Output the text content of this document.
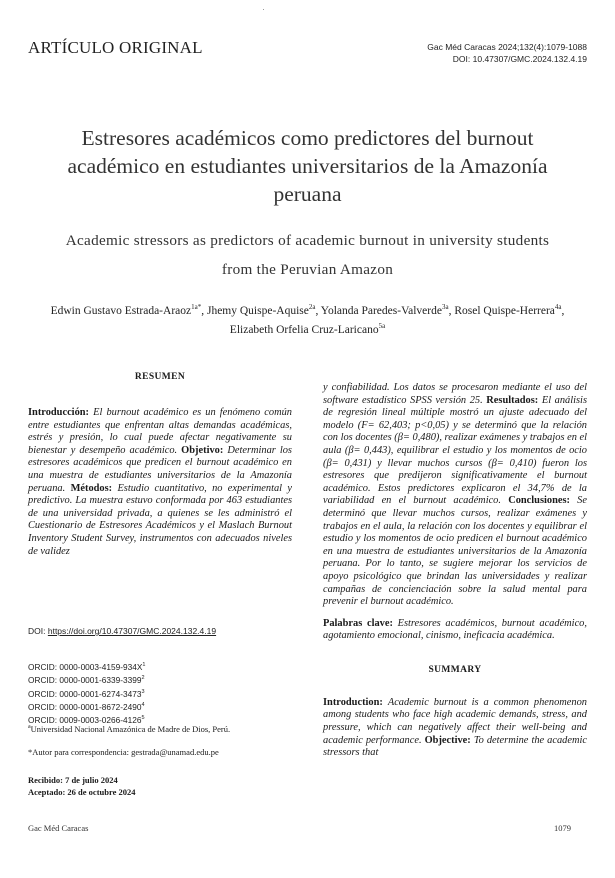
ARTÍCULO ORIGINAL	Gac Méd Caracas 2024;132(4):1079-1088
DOI: 10.47307/GMC.2024.132.4.19
Estresores académicos como predictores del burnout
académico en estudiantes universitarios de la Amazonía
peruana
Academic stressors as predictors of academic burnout in university students
from the Peruvian Amazon
Edwin Gustavo Estrada-Araoz$^{1a*}$, Jhemy Quispe-Aquise$^{2a}$, Yolanda Paredes-Valverde$^{3a}$, Rosel Quispe-Herrera$^{4a}$, Elizabeth Orfelia Cruz-Laricano$^{5a}$
RESUMEN

Introducción: El burnout académico es un fenómeno común entre estudiantes que enfrentan altas demandas académicas, estrés y presión, lo cual puede afectar negativamente su bienestar y desempeño académico. Objetivo: Determinar los estresores académicos que predicen el burnout académico en una muestra de estudiantes universitarios de la Amazonía peruana. Métodos: Estudio cuantitativo, no experimental y predictivo. La muestra estuvo conformada por 463 estudiantes de una universidad privada, a quienes se les administró el Cuestionario de Estresores Académicos y el Maslach Burnout Inventory Student Survey, instrumentos con adecuados niveles de validez

DOI: https://doi.org/10.47307/GMC.2024.132.4.19
ORCID: $0000-0003-4159-934X^1$
ORCID: 0000-0001-6339-3399$^2$
ORCID: 0000-0001-6274-3473$^3$
ORCID: 0000-0001-8672-2490$^4$
ORCID: 0009-0003-0266-4126$^5$
$^a$Universidad Nacional Amazónica de Madre de Dios, Perú.
*Autor para correspondencia: gestrada@unamad.edu.pe
Recibido: 7 de julio 2024
Aceptado: 26 de octubre 2024

y confiabilidad. Los datos se procesaron mediante el uso del software estadístico SPSS versión 25. Resultados: El análisis de regresión lineal múltiple mostró un ajuste adecuado del modelo (F= 62,403; p<0,05) y se determinó que la relación con los docentes (β= 0,480), realizar exámenes y trabajos en el aula (β= 0,443), equilibrar el estudio y los momentos de ocio (β= 0,431) y llevar muchos cursos (β= 0,410) fueron los estresores que predijeron significativamente el burnout académico. Estos predictores explicaron el 34,7% de la variabilidad en el burnout académico. Conclusiones: Se determinó que llevar muchos cursos, realizar exámenes y trabajos en el aula, la relación con los docentes y equilibrar el estudio y los momentos de ocio predicen el burnout académico en una muestra de estudiantes universitarios de la Amazonía peruana. Por lo tanto, se sugiere mejorar los servicios de apoyo psicológico que brindan las universidades y realizar campañas de concienciación sobre la salud mental para prevenir el burnout académico.

Palabras clave: Estresores académicos, burnout académico, agotamiento emocional, cinismo, ineficacia académica.

SUMMARY

Introduction: Academic burnout is a common phenomenon among students who face high academic demands, stress, and pressure, which can negatively affect their well-being and academic performance. Objective: To determine the academic stressors that

Gac Méd Caracas	1079
